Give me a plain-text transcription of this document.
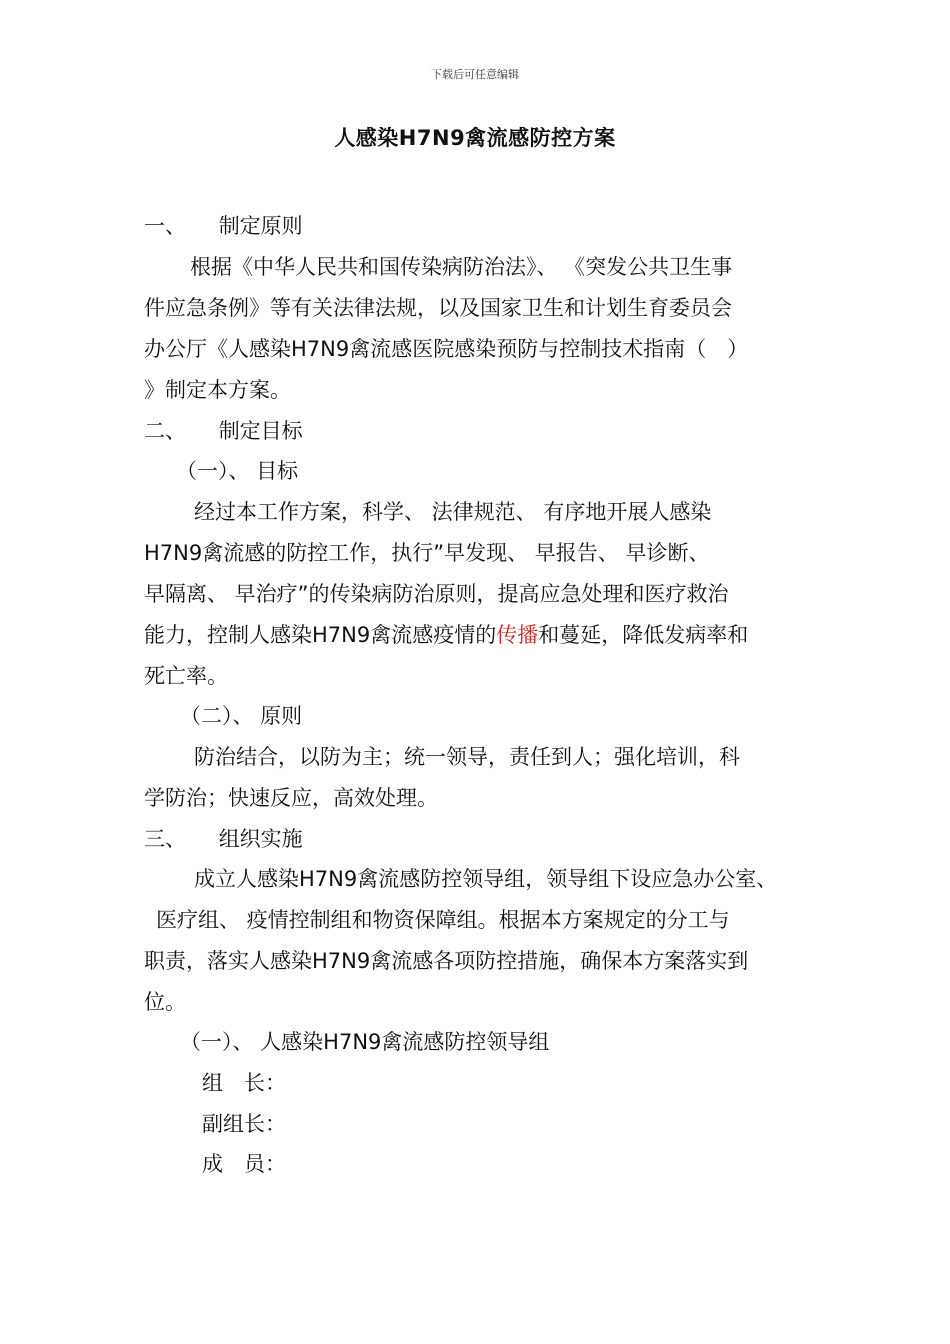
下载后可任意编辑
人感染H7N9禽流感防控方案
一、 制定原则
根据《中华人民共和国传染病防治法》、 《突发公共卫生事
件应急条例》等有关法律法规，以及国家卫生和计划生育委员会
办公厅《人感染H7N9禽流感医院感染预防与控制技术指南（　）
》制定本方案。
二、 制定目标
（一）、 目标
经过本工作方案，科学、 法律规范、 有序地开展人感染
H7N9禽流感的防控工作，执行”早发现、 早报告、 早诊断、
早隔离、 早治疗”的传染病防治原则，提高应急处理和医疗救治
能力，控制人感染H7N9禽流感疫情的传播和蔓延，降低发病率和
死亡率。
（二）、 原则
防治结合，以防为主；统一领导，责任到人；强化培训，科
学防治；快速反应，高效处理。
三、 组织实施
成立人感染H7N9禽流感防控领导组，领导组下设应急办公室、
医疗组、 疫情控制组和物资保障组。根据本方案规定的分工与
职责，落实人感染H7N9禽流感各项防控措施，确保本方案落实到
位。
（一）、 人感染H7N9禽流感防控领导组
组　长：
副组长：
成　员：
